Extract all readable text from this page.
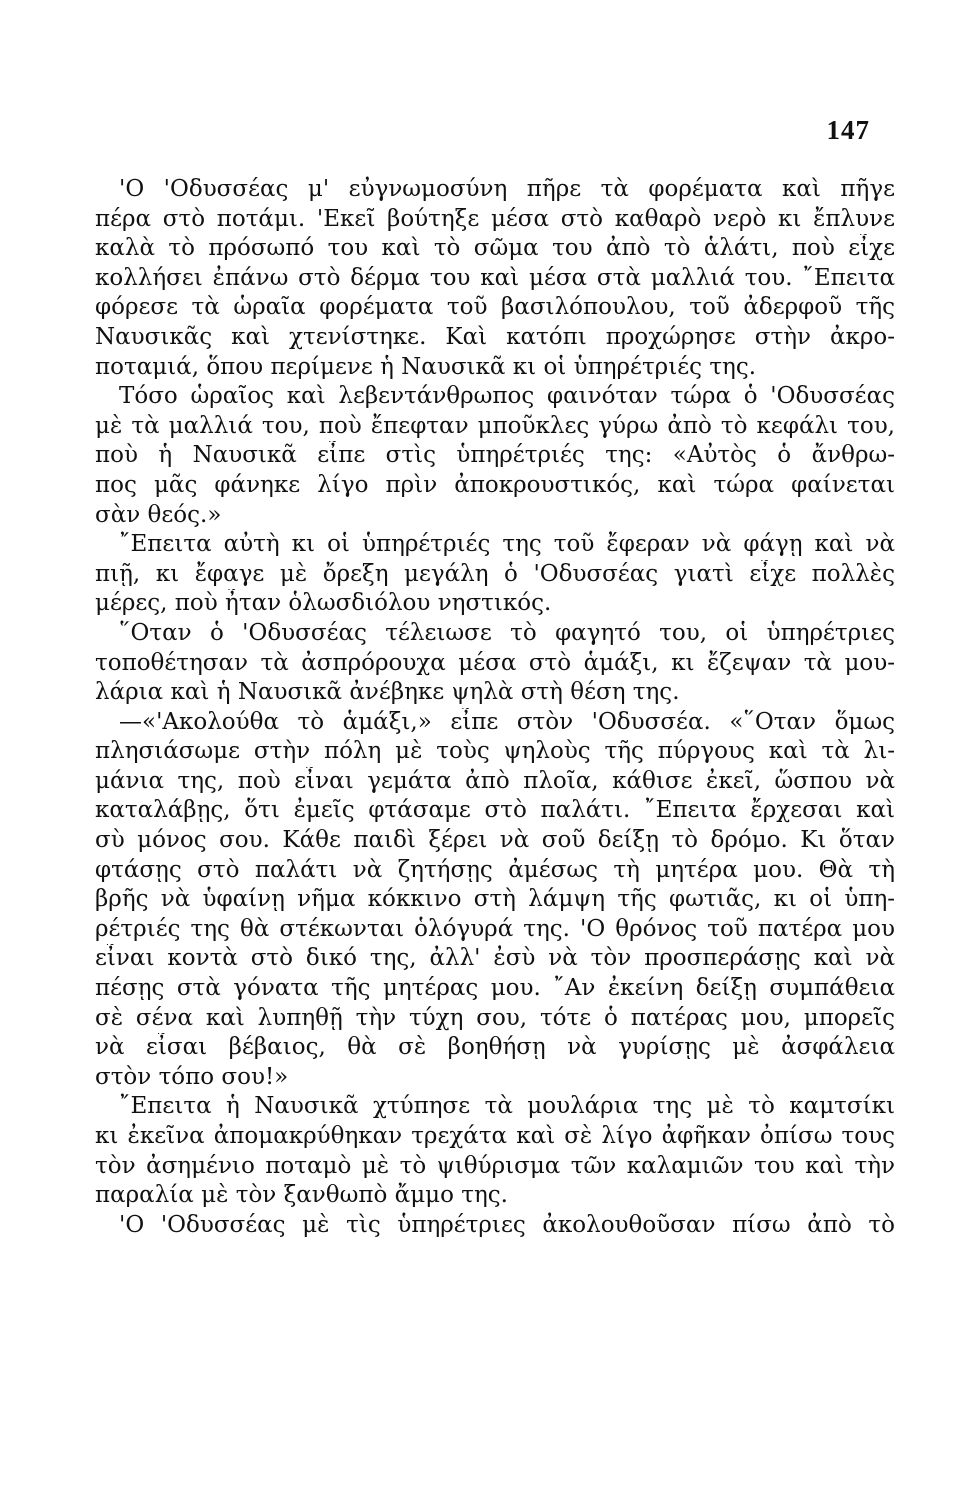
147
'Ο 'Οδυσσέας μ' εὐγνωμοσύνη πῆρε τὰ φορέματα καὶ πῆγε
πέρα στὸ ποτάμι. 'Εκεῖ βούτηξε μέσα στὸ καθαρὸ νερὸ κι ἔπλυνε
καλὰ τὸ πρόσωπό του καὶ τὸ σῶμα του ἀπὸ τὸ ἁλάτι, ποὺ εἶχε
κολλήσει ἐπάνω στὸ δέρμα του καὶ μέσα στὰ μαλλιά του. ῎Επειτα
φόρεσε τὰ ὡραῖα φορέματα τοῦ βασιλόπουλου, τοῦ ἀδερφοῦ τῆς
Ναυσικᾶς καὶ χτενίστηκε. Καὶ κατόπι προχώρησε στὴν ἀκρο-
ποταμιά, ὅπου περίμενε ἡ Ναυσικᾶ κι οἱ ὑπηρέτριές της.
Τόσο ὡραῖος καὶ λεβεντάνθρωπος φαινόταν τώρα ὁ 'Οδυσσέας
μὲ τὰ μαλλιά του, ποὺ ἔπεφταν μποῦκλες γύρω ἀπὸ τὸ κεφάλι του,
ποὺ ἡ Ναυσικᾶ εἶπε στὶς ὑπηρέτριές της: «Αὐτὸς ὁ ἄνθρω-
πος μᾶς φάνηκε λίγο πρὶν ἀποκρουστικός, καὶ τώρα φαίνεται
σὰν θεός.»
῎Επειτα αὐτὴ κι οἱ ὑπηρέτριές της τοῦ ἔφεραν νὰ φάγῃ καὶ νὰ
πιῇ, κι ἔφαγε μὲ ὄρεξη μεγάλη ὁ 'Οδυσσέας γιατὶ εἶχε πολλὲς
μέρες, ποὺ ἦταν ὁλωσδιόλου νηστικός.
῞Οταν ὁ 'Οδυσσέας τέλειωσε τὸ φαγητό του, οἱ ὑπηρέτριες
τοποθέτησαν τὰ ἀσπρόρουχα μέσα στὸ ἁμάξι, κι ἔζεψαν τὰ μου-
λάρια καὶ ἡ Ναυσικᾶ ἀνέβηκε ψηλὰ στὴ θέση της.
—«'Ακολούθα τὸ ἁμάξι,» εἶπε στὸν 'Οδυσσέα. «῞Οταν ὅμως
πλησιάσωμε στὴν πόλη μὲ τοὺς ψηλοὺς τῆς πύργους καὶ τὰ λι-
μάνια της, ποὺ εἶναι γεμάτα ἀπὸ πλοῖα, κάθισε ἐκεῖ, ὥσπου νὰ
καταλάβῃς, ὅτι ἐμεῖς φτάσαμε στὸ παλάτι. ῎Επειτα ἔρχεσαι καὶ
σὺ μόνος σου. Κάθε παιδὶ ξέρει νὰ σοῦ δείξῃ τὸ δρόμο. Κι ὅταν
φτάσῃς στὸ παλάτι νὰ ζητήσῃς ἀμέσως τὴ μητέρα μου. Θὰ τὴ
βρῆς νὰ ὑφαίνῃ νῆμα κόκκινο στὴ λάμψη τῆς φωτιᾶς, κι οἱ ὑπη-
ρέτριές της θὰ στέκωνται ὁλόγυρά της. 'Ο θρόνος τοῦ πατέρα μου
εἶναι κοντὰ στὸ δικό της, ἀλλ' ἐσὺ νὰ τὸν προσπεράσῃς καὶ νὰ
πέσῃς στὰ γόνατα τῆς μητέρας μου. ῎Αν ἐκείνη δείξῃ συμπάθεια
σὲ σένα καὶ λυπηθῇ τὴν τύχη σου, τότε ὁ πατέρας μου, μπορεῖς
νὰ εἶσαι βέβαιος, θὰ σὲ βοηθήσῃ νὰ γυρίσῃς μὲ ἀσφάλεια
στὸν τόπο σου!»
῎Επειτα ἡ Ναυσικᾶ χτύπησε τὰ μουλάρια της μὲ τὸ καμτσίκι
κι ἐκεῖνα ἀπομακρύθηκαν τρεχάτα καὶ σὲ λίγο ἀφῆκαν ὀπίσω τους
τὸν ἀσημένιο ποταμὸ μὲ τὸ ψιθύρισμα τῶν καλαμιῶν του καὶ τὴν
παραλία μὲ τὸν ξανθωπὸ ἄμμο της.
'Ο 'Οδυσσέας μὲ τὶς ὑπηρέτριες ἀκολουθοῦσαν πίσω ἀπὸ τὸ
